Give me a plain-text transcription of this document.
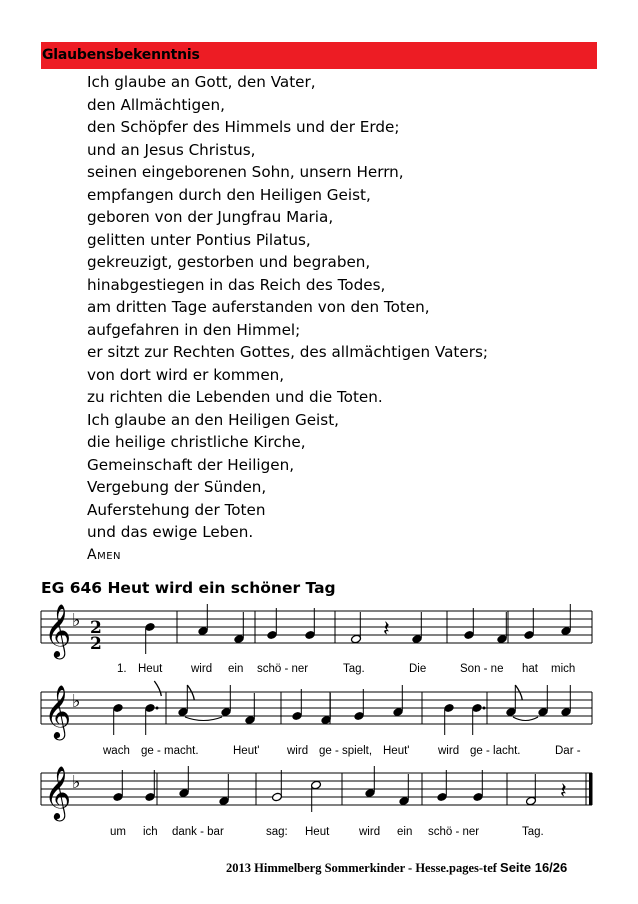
Glaubensbekenntnis
Ich glaube an Gott, den Vater,
den Allmächtigen,
den Schöpfer des Himmels und der Erde;
und an Jesus Christus,
seinen eingeborenen Sohn, unsern Herrn,
empfangen durch den Heiligen Geist,
geboren von der Jungfrau Maria,
gelitten unter Pontius Pilatus,
gekreuzigt, gestorben und begraben,
hinabgestiegen in das Reich des Todes,
am dritten Tage auferstanden von den Toten,
aufgefahren in den Himmel;
er sitzt zur Rechten Gottes, des allmächtigen Vaters;
von dort wird er kommen,
zu richten die Lebenden und die Toten.
Ich glaube an den Heiligen Geist,
die heilige christliche Kirche,
Gemeinschaft der Heiligen,
Vergebung der Sünden,
Auferstehung der Toten
und das ewige Leben.
Amen
EG 646 Heut wird ein schöner Tag
𝄞 ♭
𝄞 ♭
𝄞 ♭
𝄽
𝄽
2
2
1. Heut wird ein schö - ner	Tag.	Die	Son - ne hat mich
wach ge - macht.	Heut' wird ge - spielt, Heut' wird ge - lacht.	Dar -
um ich dank - bar	sag: Heut	wird ein schö - ner	Tag.
2013 Himmelberg Sommerkinder - Hesse.pages-tef Seite 16/26
